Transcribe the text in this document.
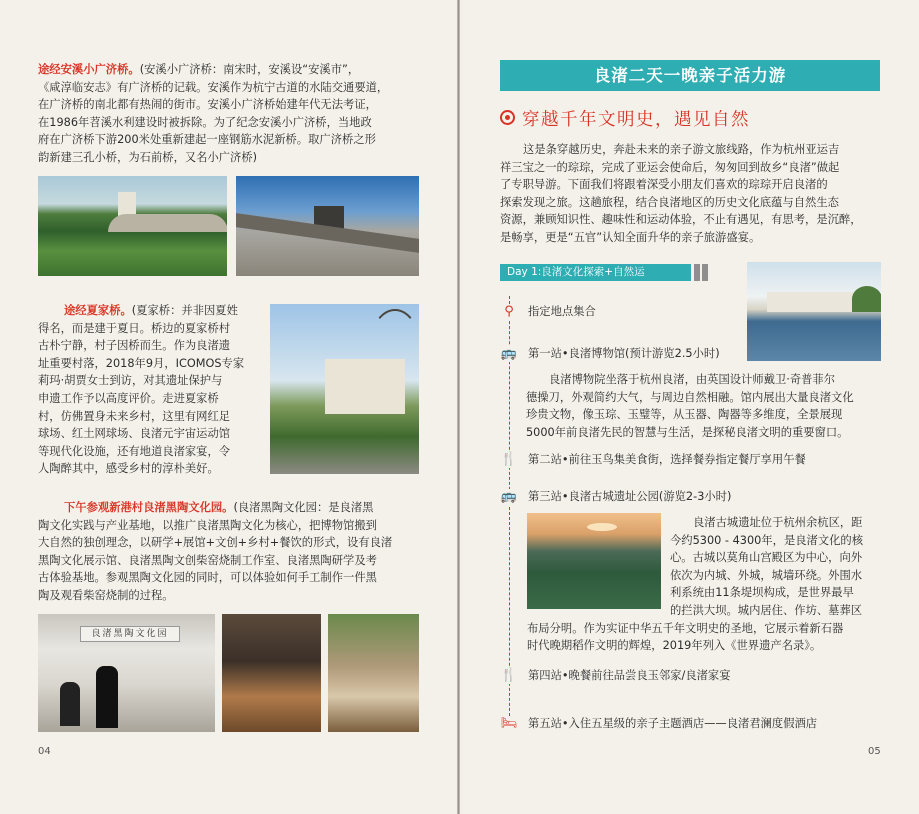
途经安溪小广济桥。(安溪小广济桥：南宋时，安溪设“安溪市”，
《咸淳临安志》有广济桥的记载。安溪作为杭宁古道的水陆交通要道，
在广济桥的南北都有热闹的街市。安溪小广济桥始建年代无法考证，
在1986年苕溪水利建设时被拆除。为了纪念安溪小广济桥，当地政
府在广济桥下游200米处重新建起一座钢筋水泥新桥。取广济桥之形
韵新建三孔小桥，为石前桥，又名小广济桥)
途经夏家桥。(夏家桥：并非因夏姓
得名，而是建于夏日。桥边的夏家桥村
古朴宁静，村子因桥而生。作为良渚遗
址重要村落，2018年9月，ICOMOS专家
莉玛·胡贾女士到访，对其遗址保护与
申遗工作予以高度评价。走进夏家桥
村，仿佛置身未来乡村，这里有网红足
球场、红土网球场、良渚元宇宙运动馆
等现代化设施，还有地道良渚家宴，令
人陶醉其中，感受乡村的淳朴美好。
下午参观新港村良渚黑陶文化园。(良渚黑陶文化园：是良渚黑
陶文化实践与产业基地，以推广良渚黑陶文化为核心，把博物馆搬到
大自然的独创理念，以研学+展馆+文创+乡村+餐饮的形式，设有良渚
黑陶文化展示馆、良渚黑陶文创柴窑烧制工作室、良渚黑陶研学及考
古体验基地。参观黑陶文化园的同时，可以体验如何手工制作一件黑
陶及观看柴窑烧制的过程。
良渚黑陶文化园
04
良渚二天一晚亲子活力游
穿越千年文明史，遇见自然
这是条穿越历史，奔赴未来的亲子游文旅线路，作为杭州亚运吉
祥三宝之一的琮琮，完成了亚运会使命后，匆匆回到故乡“良渚”做起
了专职导游。下面我们将跟着深受小朋友们喜欢的琮琮开启良渚的
探索发现之旅。这趟旅程，结合良渚地区的历史文化底蕴与自然生态
资源，兼顾知识性、趣味性和运动体验，不止有遇见，有思考，是沉醉，
是畅享，更是“五官”认知全面升华的亲子旅游盛宴。
Day 1:良渚文化探索+自然运
⚲	指定地点集合
🚌 第一站•良渚博物馆(预计游览2.5小时)
良渚博物院坐落于杭州良渚，由英国设计师戴卫·奇普菲尔
德操刀，外观简约大气，与周边自然相融。馆内展出大量良渚文化
珍贵文物，像玉琮、玉璧等，从玉器、陶器等多维度，全景展现
5000年前良渚先民的智慧与生活，是探秘良渚文明的重要窗口。
🍴 第二站•前往玉鸟集美食街，选择餐券指定餐厅享用午餐
🚌 第三站•良渚古城遗址公园(游览2-3小时)
良渚古城遗址位于杭州余杭区，距
今约5300 - 4300年，是良渚文化的核
心。古城以莫角山宫殿区为中心，向外
依次为内城、外城，城墙环绕。外围水
利系统由11条堤坝构成，是世界最早
的拦洪大坝。城内居住、作坊、墓葬区
布局分明。作为实证中华五千年文明史的圣地，它展示着新石器
时代晚期稻作文明的辉煌，2019年列入《世界遗产名录》。
🍴 第四站•晚餐前往品尝良玉邻家/良渚家宴
🛏 第五站•入住五星级的亲子主题酒店——良渚君澜度假酒店
05
